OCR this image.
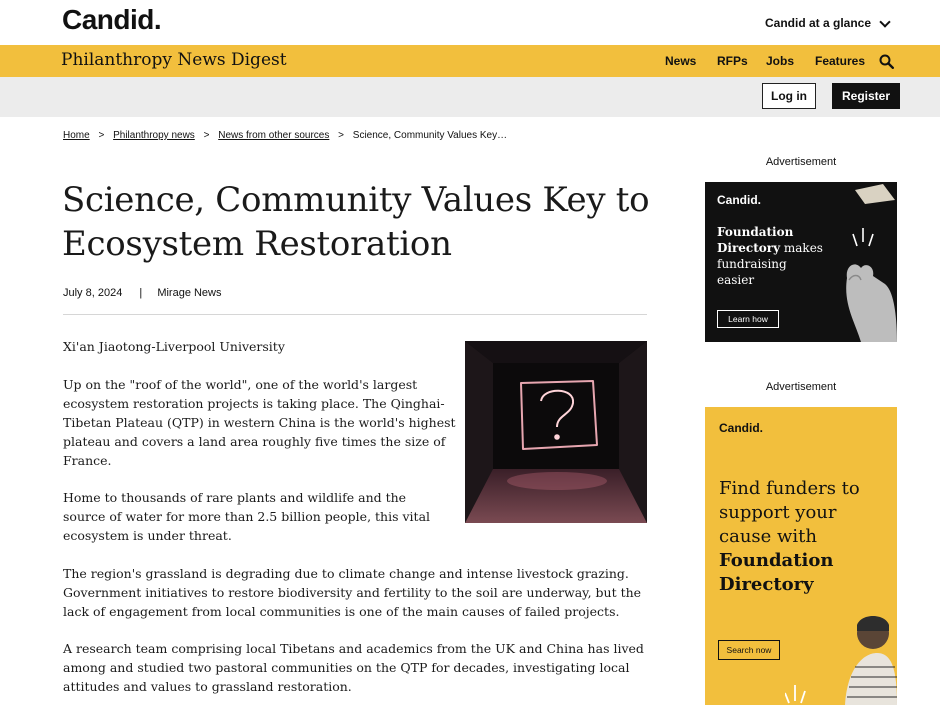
Candid.	Candid at a glance
Philanthropy News Digest	News RFPs Jobs Features
Log in	Register
Home > Philanthropy news > News from other sources > Science, Community Values Key…
Science, Community Values Key to
Ecosystem Restoration
July 8, 2024 | Mirage News
Xi'an Jiaotong-Liverpool University
Up on the "roof of the world", one of the world's largest
ecosystem restoration projects is taking place. The Qinghai-
Tibetan Plateau (QTP) in western China is the world's highest
plateau and covers a land area roughly five times the size of
France.
Home to thousands of rare plants and wildlife and the
source of water for more than 2.5 billion people, this vital
ecosystem is under threat.
The region's grassland is degrading due to climate change and intense livestock grazing.
Government initiatives to restore biodiversity and fertility to the soil are underway, but the
lack of engagement from local communities is one of the main causes of failed projects.
A research team comprising local Tibetans and academics from the UK and China has lived
among and studied two pastoral communities on the QTP for decades, investigating local
attitudes and values to grassland restoration.
Advertisement
Candid.
Foundation
Directory makes
fundraising
easier
Learn how
Advertisement
Candid.
Find funders to
support your
cause with
Foundation
Directory
Search now
